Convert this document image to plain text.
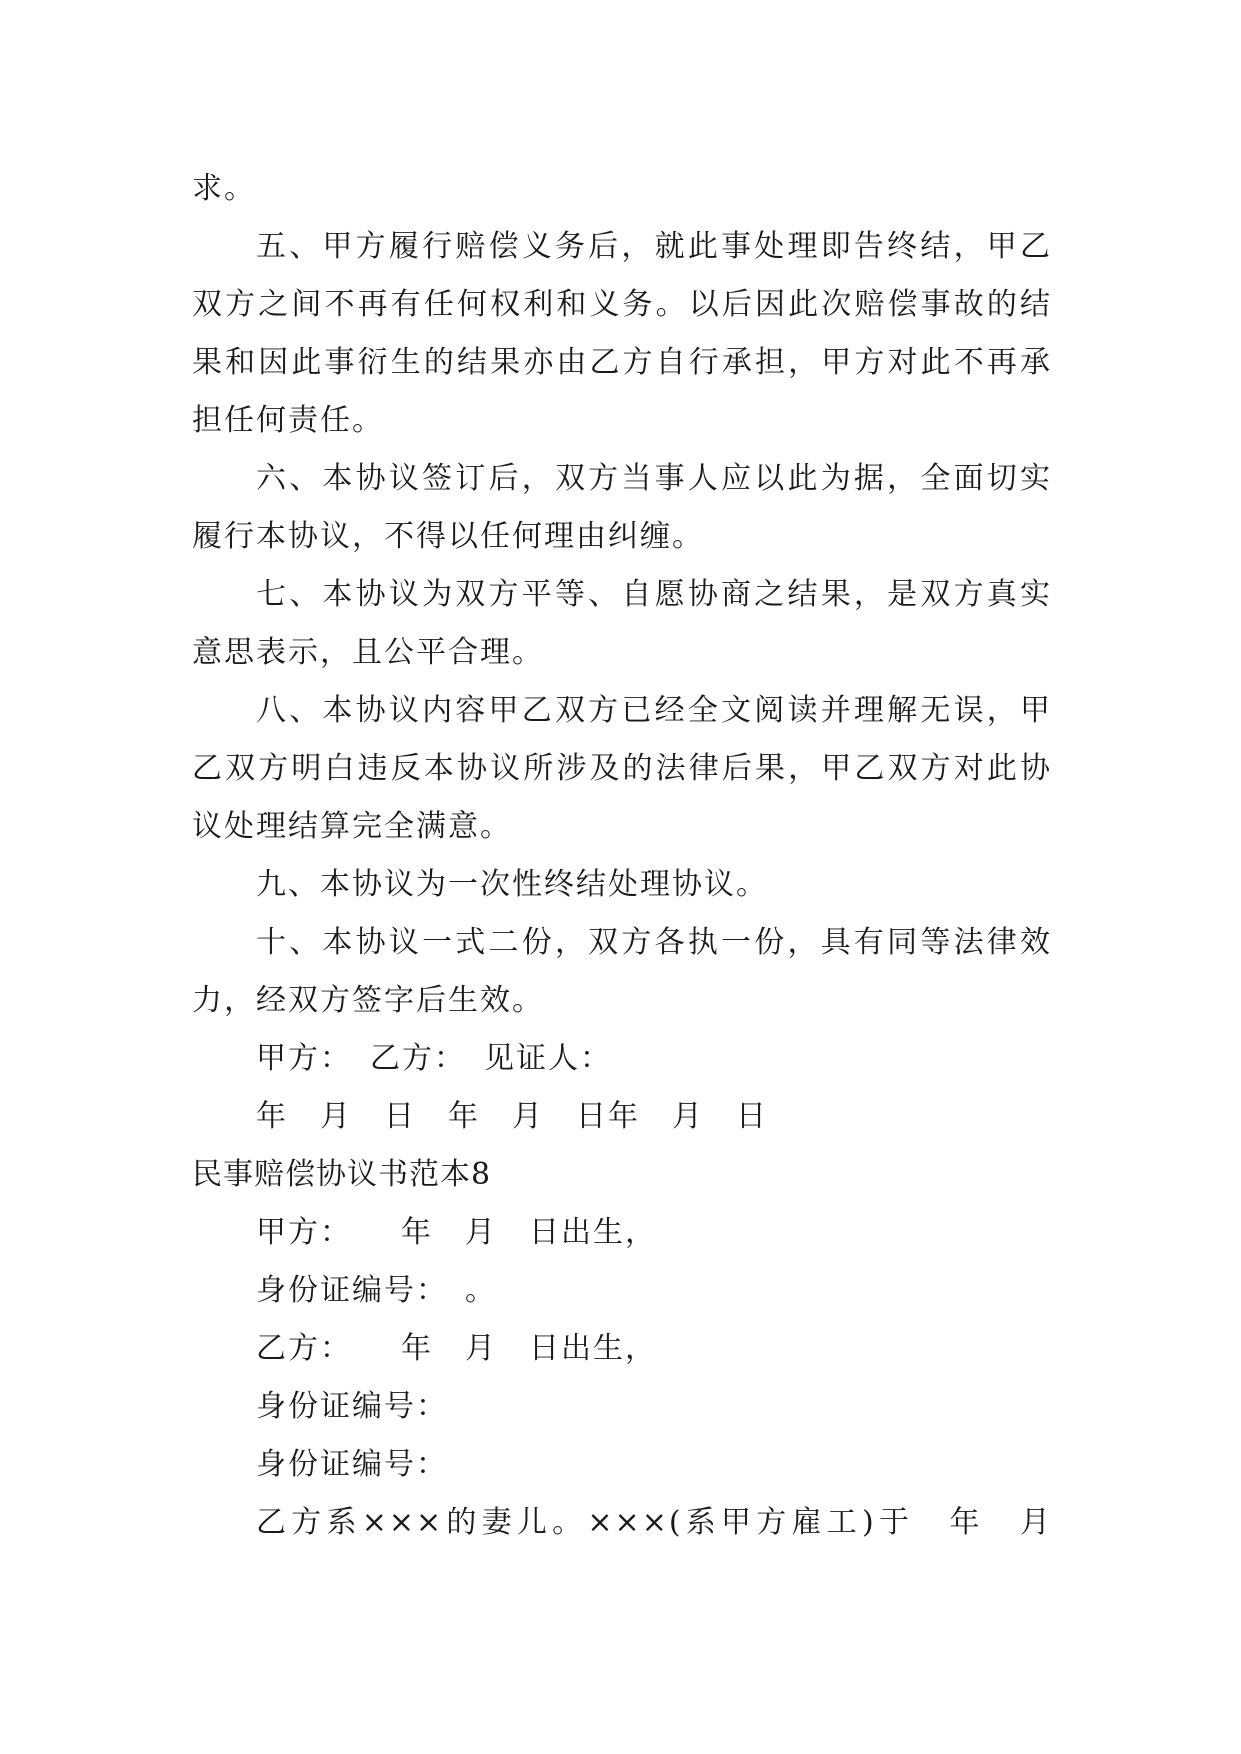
求。
五、甲方履行赔偿义务后，就此事处理即告终结，甲乙
双方之间不再有任何权利和义务。以后因此次赔偿事故的结
果和因此事衍生的结果亦由乙方自行承担，甲方对此不再承
担任何责任。
六、本协议签订后，双方当事人应以此为据，全面切实
履行本协议，不得以任何理由纠缠。
七、本协议为双方平等、自愿协商之结果，是双方真实
意思表示，且公平合理。
八、本协议内容甲乙双方已经全文阅读并理解无误，甲
乙双方明白违反本协议所涉及的法律后果，甲乙双方对此协
议处理结算完全满意。
九、本协议为一次性终结处理协议。
十、本协议一式二份，双方各执一份，具有同等法律效
力，经双方签字后生效。
甲方： 乙方： 见证人：
年　月　日　年　月　日年　月　日
民事赔偿协议书范本8
甲方：　　年　月　日出生，
身份证编号：　。
乙方：　　年　月　日出生，
身份证编号：
身份证编号：
乙方系×××的妻儿。×××(系甲方雇工)于　年　月
